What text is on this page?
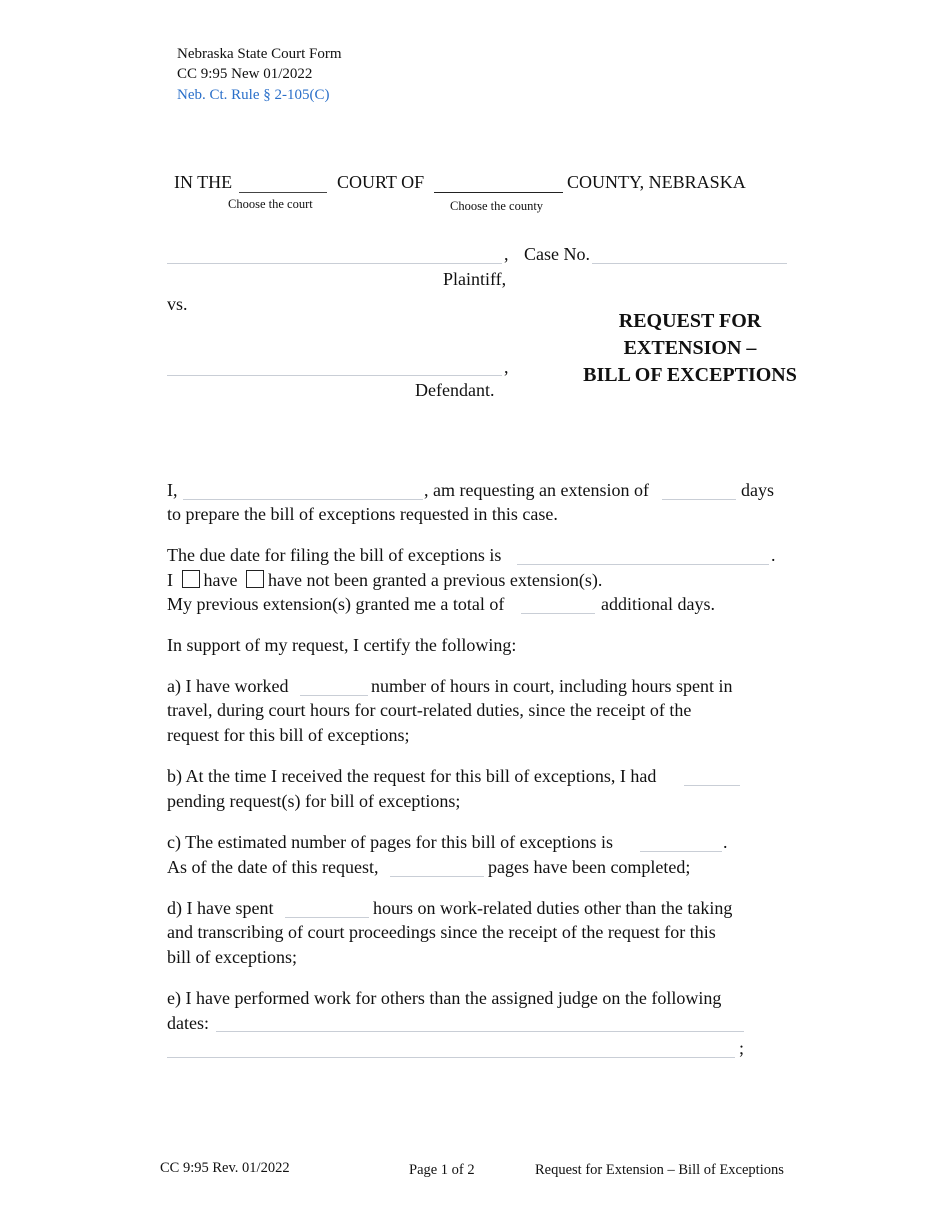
Nebraska State Court Form
CC 9:95 New 01/2022
Neb. Ct. Rule § 2-105(C)
IN THE	COURT OF	COUNTY, NEBRASKA
Choose the court	Choose the county
, Case No.
Plaintiff,
vs.
,
Defendant.
REQUEST FOR
EXTENSION –
BILL OF EXCEPTIONS
I,	, am requesting an extension of	days
to prepare the bill of exceptions requested in this case.
The due date for filing the bill of exceptions is	.
I have have not been granted a previous extension(s).
My previous extension(s) granted me a total of	additional days.
In support of my request, I certify the following:
a) I have worked	number of hours in court, including hours spent in
travel, during court hours for court-related duties, since the receipt of the
request for this bill of exceptions;
b) At the time I received the request for this bill of exceptions, I had
pending request(s) for bill of exceptions;
c) The estimated number of pages for this bill of exceptions is	.
As of the date of this request,	pages have been completed;
d) I have spent	hours on work-related duties other than the taking
and transcribing of court proceedings since the receipt of the request for this
bill of exceptions;
e) I have performed work for others than the assigned judge on the following
dates:
;
CC 9:95 Rev. 01/2022	Page 1 of 2	Request for Extension – Bill of Exceptions
